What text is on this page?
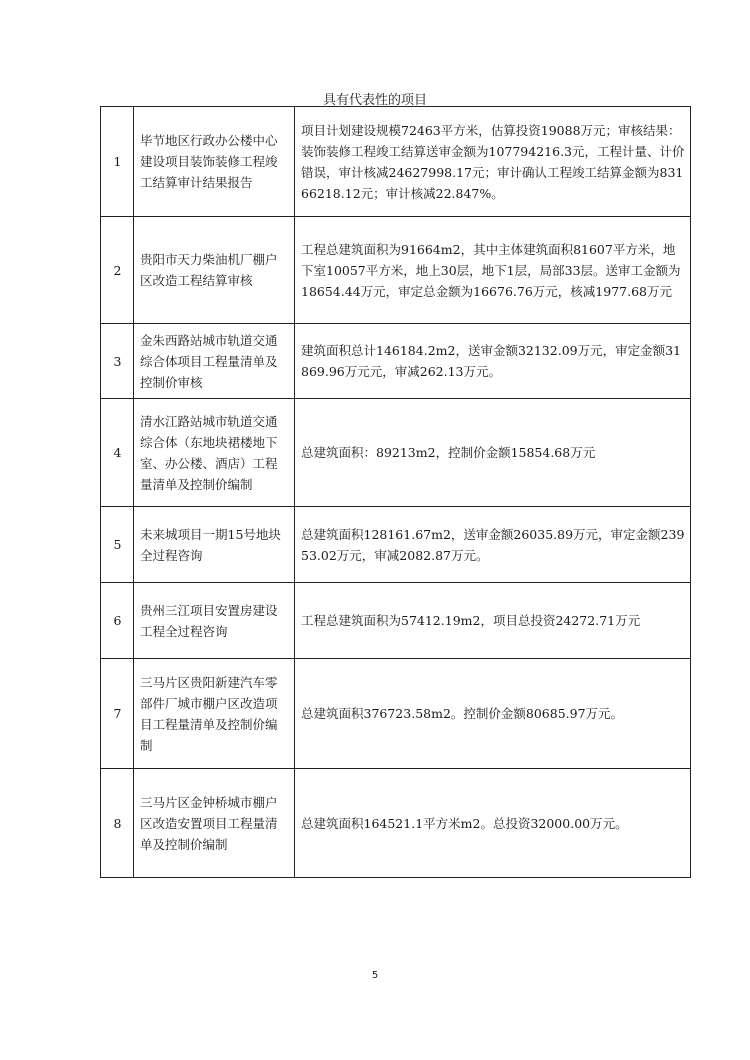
具有代表性的项目
1	毕节地区行政办公楼中心建设项目装饰装修工程竣工结算审计结果报告	项目计划建设规模72463平方米，估算投资19088万元；审核结果：装饰装修工程竣工结算送审金额为107794216.3元，工程计量、计价错误，审计核减24627998.17元；审计确认工程竣工结算金额为83166218.12元；审计核减22.847%。
2	贵阳市天力柴油机厂棚户区改造工程结算审核	工程总建筑面积为91664m2，其中主体建筑面积81607平方米，地下室10057平方米，地上30层，地下1层，局部33层。送审工金额为18654.44万元，审定总金额为16676.76万元，核减1977.68万元
3	金朱西路站城市轨道交通综合体项目工程量清单及控制价审核	建筑面积总计146184.2m2，送审金额32132.09万元，审定金额31869.96万元元，审减262.13万元。
4	清水江路站城市轨道交通综合体（东地块裙楼地下室、办公楼、酒店）工程量清单及控制价编制	总建筑面积：89213m2，控制价金额15854.68万元
5	未来城项目一期15号地块全过程咨询	总建筑面积128161.67m2，送审金额26035.89万元，审定金额23953.02万元，审减2082.87万元。
6	贵州三江项目安置房建设工程全过程咨询	工程总建筑面积为57412.19m2，项目总投资24272.71万元
7	三马片区贵阳新建汽车零部件厂城市棚户区改造项目工程量清单及控制价编制	总建筑面积376723.58m2。控制价金额80685.97万元。
8	三马片区金钟桥城市棚户区改造安置项目工程量清单及控制价编制	总建筑面积164521.1平方米m2。总投资32000.00万元。
5
